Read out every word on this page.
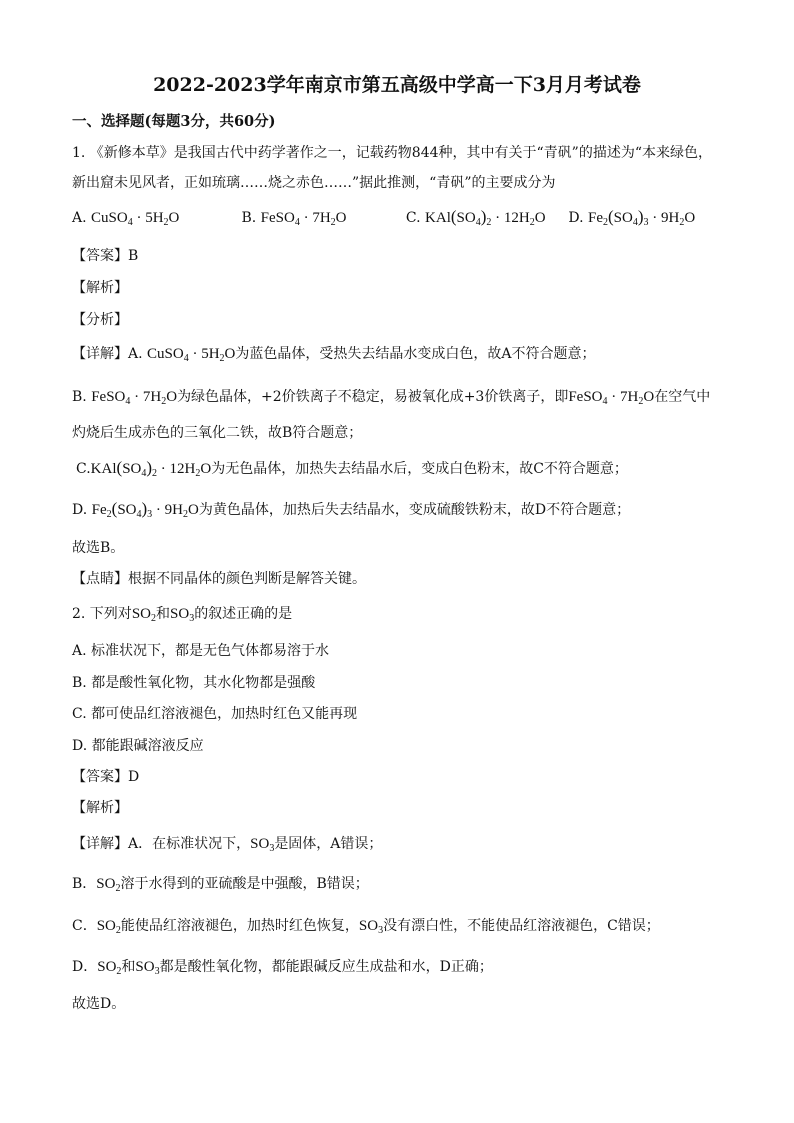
2022-2023学年南京市第五高级中学高一下3月月考试卷
一、选择题(每题3分，共60分)
1. 《新修本草》是我国古代中药学著作之一，记载药物844种，其中有关于“青矾”的描述为“本来绿色，
新出窟未见风者，正如琉璃……烧之赤色……”据此推测，“青矾”的主要成分为
A. CuSO$_4$ · $5H_2O$	B. FeSO$_4$ · $7H_2O$	C. $KAl(SO_4)_2 \cdot 12H_2O$ D. $Fe_2(SO_4)_3 \cdot 9H_2O$
【答案】B
【解析】
【分析】
【详解】A. CuSO$_4$ · $5H_2O$为蓝色晶体，受热失去结晶水变成白色，故A不符合题意；
B. FeSO$_4$ · $7H_2O$为绿色晶体，+2价铁离子不稳定，易被氧化成+3价铁离子，即FeSO$_4$ · $7H_2O$在空气中
灼烧后生成赤色的三氧化二铁，故B符合题意；
$C.KAl(SO_4)_2 \cdot 12H_2O$为无色晶体，加热失去结晶水后，变成白色粉末，故C不符合题意；
D. $Fe_2(SO_4)_3 \cdot 9H_2O$为黄色晶体，加热后失去结晶水，变成硫酸铁粉末，故D不符合题意；
故选B。
【点睛】根据不同晶体的颜色判断是解答关键。
2. 下列对$SO_2$和$SO_3$的叙述正确的是
A. 标准状况下，都是无色气体都易溶于水
B. 都是酸性氧化物，其水化物都是强酸
C. 都可使品红溶液褪色，加热时红色又能再现
D. 都能跟碱溶液反应
【答案】D
【解析】
【详解】A．在标准状况下，$SO_3$是固体，A错误；
B．$SO_2$溶于水得到的亚硫酸是中强酸，B错误；
C．$SO_2$能使品红溶液褪色，加热时红色恢复，$SO_3$没有漂白性，不能使品红溶液褪色，C错误；
D．$SO_2$和$SO_3$都是酸性氧化物，都能跟碱反应生成盐和水，D正确；
故选D。
